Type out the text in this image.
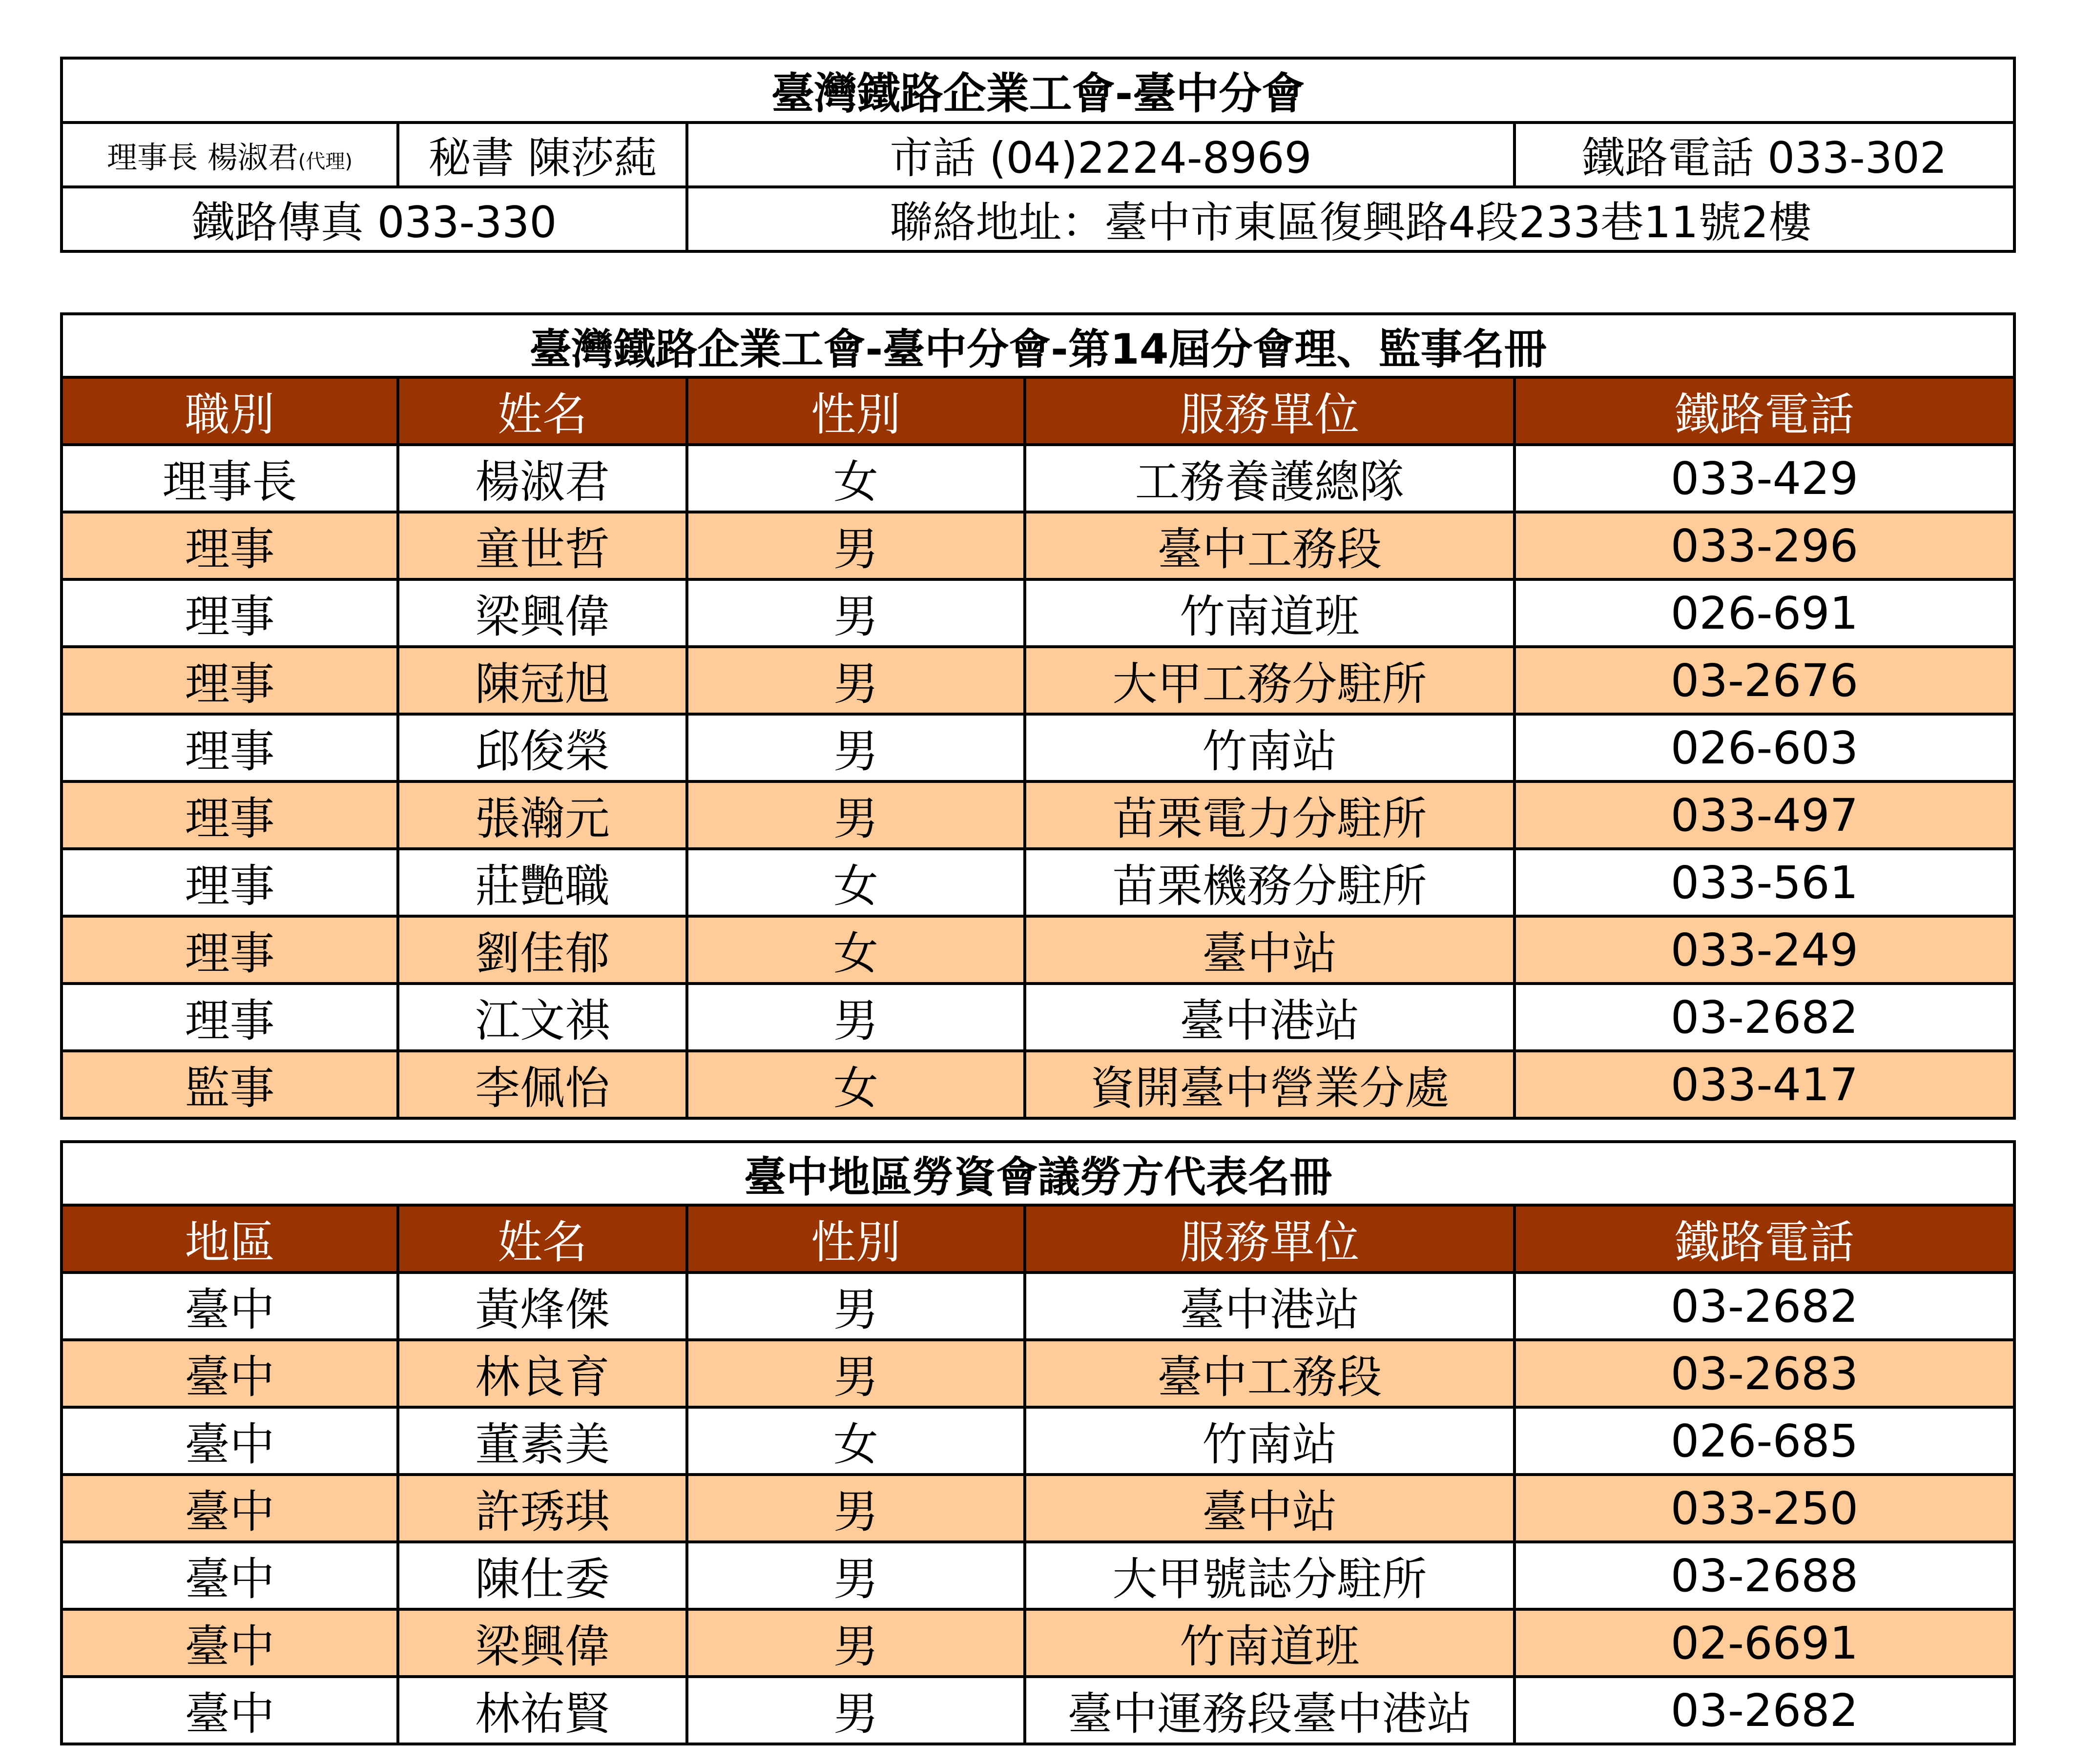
臺灣鐵路企業工會-臺中分會			
理事長 楊淑君(代理)	秘書 陳莎蒓	市話 (04)2224-8969	鐵路電話 033-302
鐵路傳真 033-330		聯絡地址：臺中市東區復興路4段233巷11號2樓	
臺灣鐵路企業工會-臺中分會-第14屆分會理、監事名冊				
職別	姓名	性別	服務單位	鐵路電話
理事長	楊淑君	女	工務養護總隊	033-429
理事	童世哲	男	臺中工務段	033-296
理事	梁興偉	男	竹南道班	026-691
理事	陳冠旭	男	大甲工務分駐所	03-2676
理事	邱俊榮	男	竹南站	026-603
理事	張瀚元	男	苗栗電力分駐所	033-497
理事	莊艷職	女	苗栗機務分駐所	033-561
理事	劉佳郁	女	臺中站	033-249
理事	江文祺	男	臺中港站	03-2682
監事	李佩怡	女	資開臺中營業分處	033-417
臺中地區勞資會議勞方代表名冊				
地區	姓名	性別	服務單位	鐵路電話
臺中	黃烽傑	男	臺中港站	03-2682
臺中	林良育	男	臺中工務段	03-2683
臺中	董素美	女	竹南站	026-685
臺中	許琇琪	男	臺中站	033-250
臺中	陳仕委	男	大甲號誌分駐所	03-2688
臺中	梁興偉	男	竹南道班	02-6691
臺中	林祐賢	男	臺中運務段臺中港站	03-2682
